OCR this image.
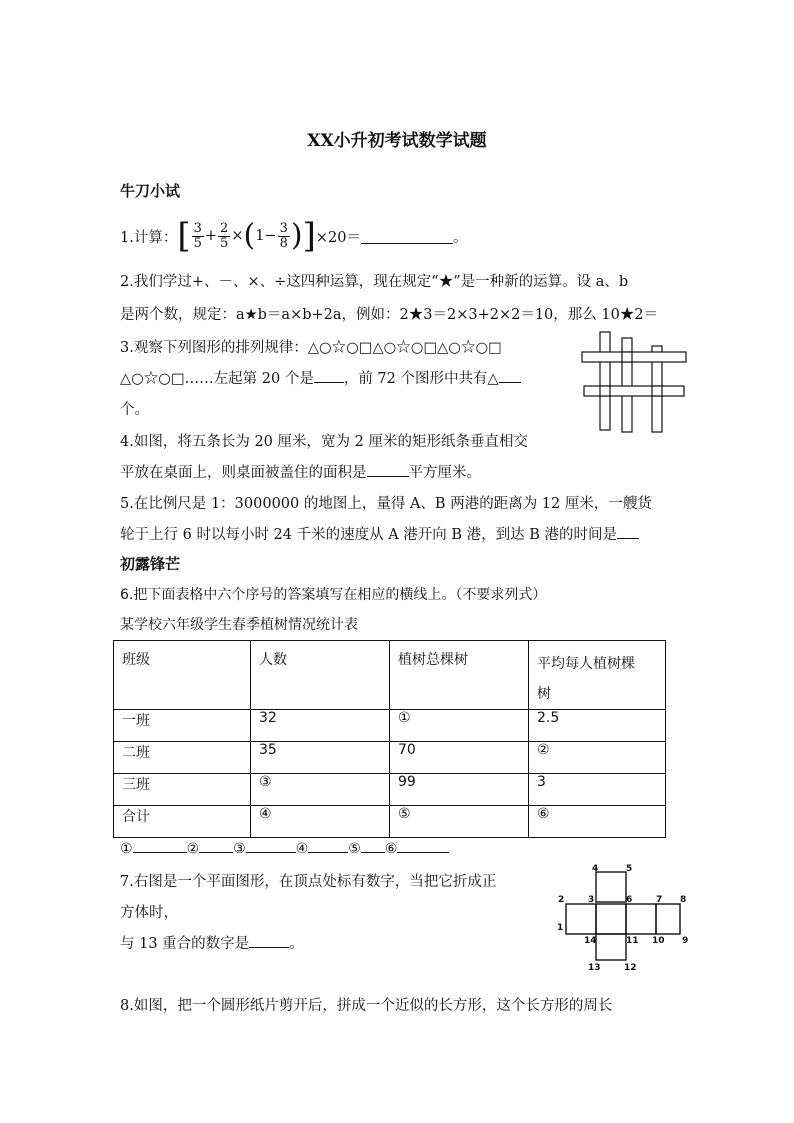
XX小升初考试数学试题
牛刀小试
1.计算： [ $\frac{3}{5} + \frac{2}{5}$ × ( $1- \frac{3}{8}$ ) ] ×20＝	。
2.我们学过+、－、×、÷这四种运算，现在规定“★”是一种新的运算。设 a、b
是两个数，规定：a★b＝a×b+2a，例如：2★3＝2×3+2×2＝10，那么 10★2＝
3.观察下列图形的排列规律：△○☆○□△○☆○□△○☆○□
△○☆○□……左起第 20 个是 ，前 72 个图形中共有△
个。
4.如图，将五条长为 20 厘米，宽为 2 厘米的矩形纸条垂直相交
平放在桌面上，则桌面被盖住的面积是	平方厘米。
5.在比例尺是 1：3000000 的地图上，量得 A、B 两港的距离为 12 厘米，一艘货
轮于上行 6 时以每小时 24 千米的速度从 A 港开向 B 港，到达 B 港的时间是
初露锋芒
6.把下面表格中六个序号的答案填写在相应的横线上。（不要求列式）
某学校六年级学生春季植树情况统计表
班级	人数	植树总棵树	平均每人植树棵
树
一班	32	①	2.5
二班	35	70	②
三班	③	99	3
合计	④	⑤	⑥
①	② ③	④	⑤ ⑥
7.右图是一个平面图形，在顶点处标有数字，当把它折成正
方体时，
与 13 重合的数字是	。
4	5
2	3	6	7 8
1
14	11 10 9
13	12
8.如图，把一个圆形纸片剪开后，拼成一个近似的长方形，这个长方形的周长
